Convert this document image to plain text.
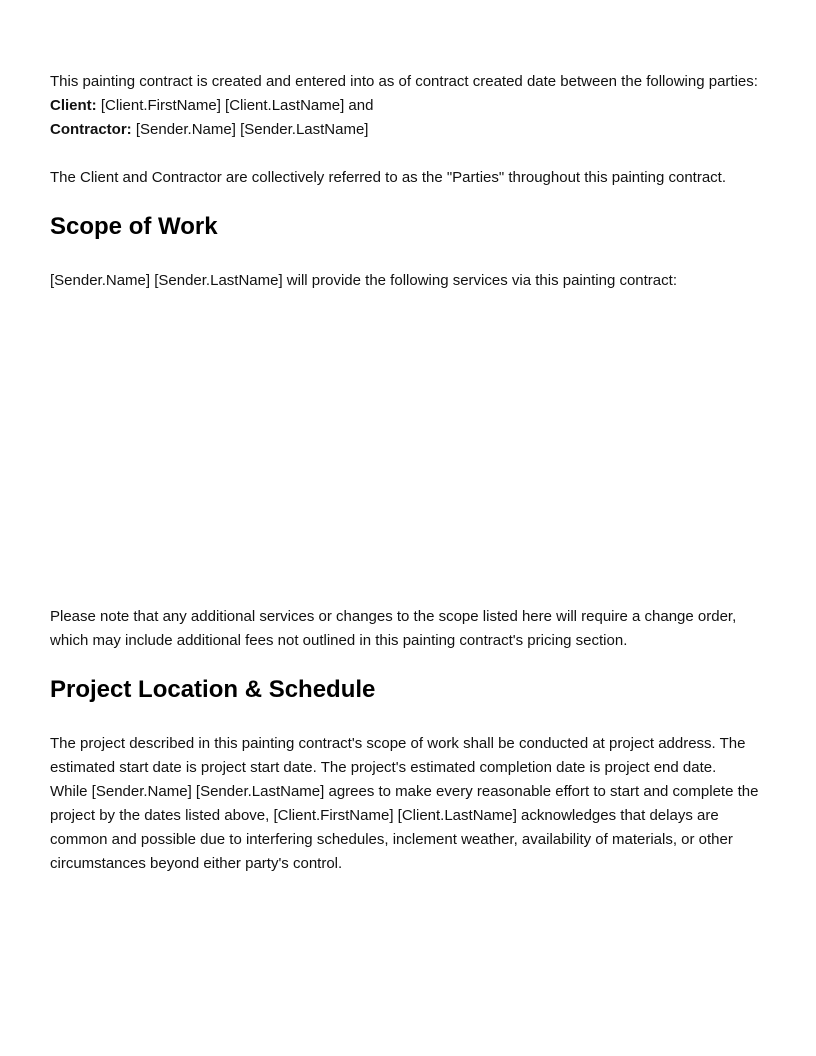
This painting contract is created and entered into as of contract created date between the following parties:
Client: [Client.FirstName] [Client.LastName] and
Contractor: [Sender.Name] [Sender.LastName]

The Client and Contractor are collectively referred to as the "Parties" throughout this painting contract.

Scope of Work

[Sender.Name] [Sender.LastName] will provide the following services via this painting contract:

Please note that any additional services or changes to the scope listed here will require a change order,
which may include additional fees not outlined in this painting contract's pricing section.
Project Location & Schedule
The project described in this painting contract's scope of work shall be conducted at project address. The
estimated start date is project start date. The project's estimated completion date is project end date.
While [Sender.Name] [Sender.LastName] agrees to make every reasonable effort to start and complete the
project by the dates listed above, [Client.FirstName] [Client.LastName] acknowledges that delays are
common and possible due to interfering schedules, inclement weather, availability of materials, or other
circumstances beyond either party's control.
